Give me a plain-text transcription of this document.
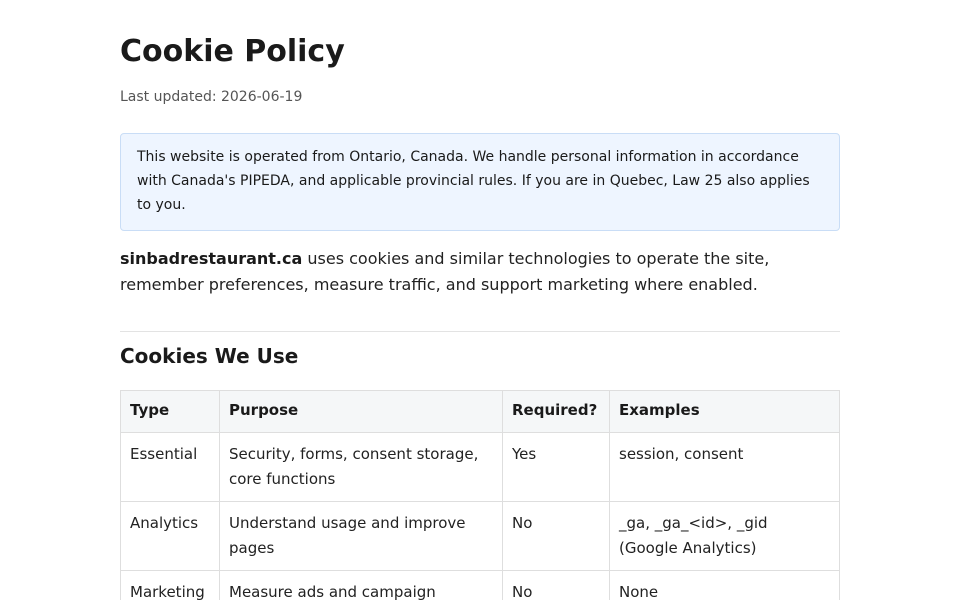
Cookie Policy
Last updated: 2026-06-19
This website is operated from Ontario, Canada. We handle personal information in accordance with Canada's PIPEDA, and applicable provincial rules. If you are in Quebec, Law 25 also applies to you.

sinbadrestaurant.ca uses cookies and similar technologies to operate the site, remember preferences, measure traffic, and support marketing where enabled.

Cookies We Use
Type	Purpose	Required?	Examples
Essential	Security, forms, consent storage, core functions	Yes	session, consent
Analytics	Understand usage and improve pages	No	_ga, _ga_<id>, _gid (Google Analytics)
Marketing	Measure ads and campaign	No	None
